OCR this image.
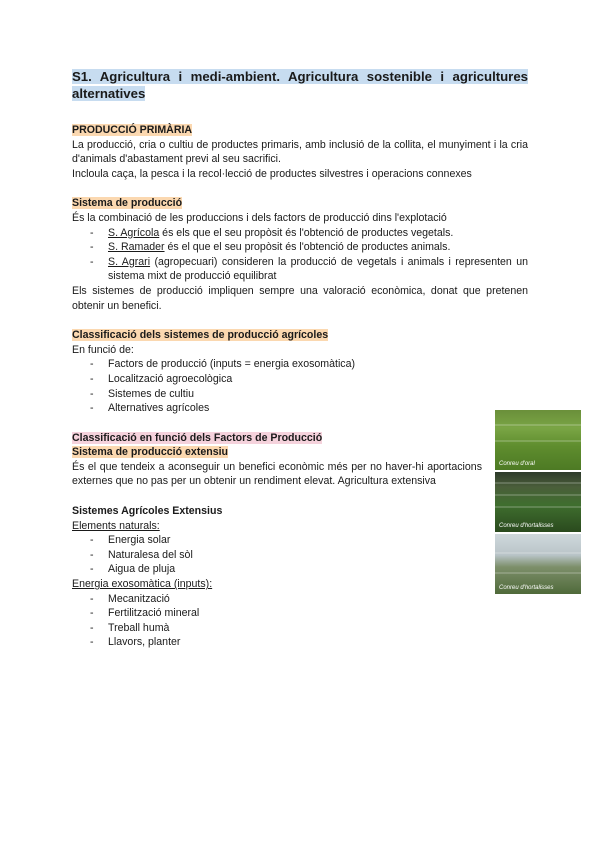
S1. Agricultura i medi-ambient. Agricultura sostenible i agricultures alternatives
PRODUCCIÓ PRIMÀRIA

La producció, cria o cultiu de productes primaris, amb inclusió de la collita, el munyiment i la cria d'animals d'abastament previ al seu sacrifici.

Incloula caça, la pesca i la recol·lecció de productes silvestres i operacions connexes

Sistema de producció

És la combinació de les produccions i dels factors de producció dins l'explotació

- S. Agrícola és els que el seu propòsit és l'obtenció de productes vegetals.
- S. Ramader és el que el seu propòsit és l'obtenció de productes animals.
- S. Agrari (agropecuari) consideren la producció de vegetals i animals i representen un sistema mixt de producció equilibrat

Els sistemes de producció impliquen sempre una valoració econòmica, donat que pretenen obtenir un benefici.

Classificació dels sistemes de producció agrícoles

En funció de:

- Factors de producció (inputs = energia exosomàtica)
- Localització agroecològica
- Sistemes de cultiu
- Alternatives agrícoles
Classificació en funció dels Factors de Producció
Sistema de producció extensiu

És el que tendeix a aconseguir un benefici econòmic més per no haver-hi aportacions externes que no pas per un obtenir un rendiment elevat. Agricultura extensiva

Sistemes Agrícoles Extensius

Elements naturals:

- Energia solar
- Naturalesa del sòl
- Aigua de pluja

Energia exosomàtica (inputs):

- Mecanització
- Fertilització mineral
- Treball humà
- Llavors, planter
Conreu d'oral
Conreu d'hortalisses
Conreu d'hortalisses
